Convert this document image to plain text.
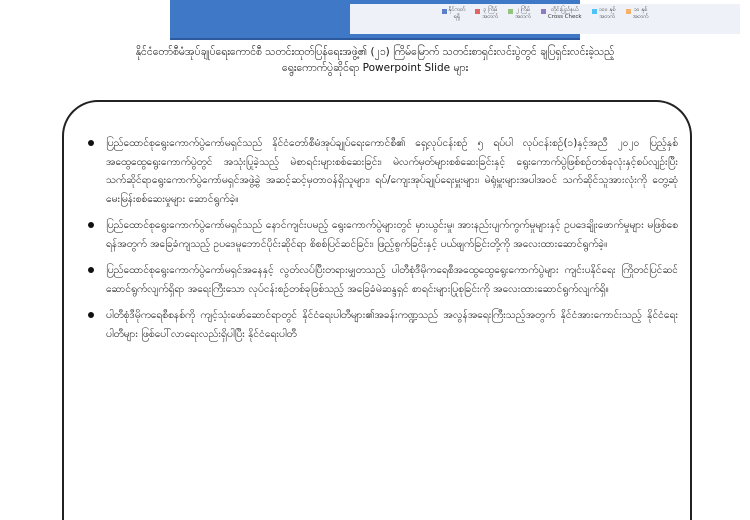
နိုင်ကတ်
ရရှိ
၃ ကြိမ်
အတက်
၂ ကြိမ်
အတက်
တိုင်းပြည်နယ်
Cross Check
၁၀၀ နှစ်
အတက်
၁၀ နှစ်
အတက်
နိုင်ငံတော်စီမံအုပ်ချုပ်ရေးကောင်စီ သတင်းထုတ်ပြန်ရေးအဖွဲ့၏ (၂၁) ကြိမ်မြောက် သတင်းစာရှင်းလင်းပွဲတွင် ချပြရှင်းလင်းခဲ့သည့်
ရွေးကောက်ပွဲဆိုင်ရာ Powerpoint Slide များ
ပြည်ထောင်စုရွေးကောက်ပွဲကော်မရှင်သည် နိုင်ငံတော်စီမံအုပ်ချုပ်ရေးကောင်စီ၏ ရှေ့လုပ်ငန်းစဉ် ၅ ရပ်ပါ လုပ်ငန်းစဉ်(၁)နှင့်အညီ ၂၀၂၀ ပြည့်နှစ် အထွေထွေရွေးကောက်ပွဲတွင် အသုံးပြုခဲ့သည့် မဲစာရင်းများစစ်ဆေးခြင်း၊ မဲလက်မှတ်များစစ်ဆေးခြင်းနှင့် ရွေးကောက်ပွဲဖြစ်စဉ်တစ်ခုလုံးနှင့်စပ်လျဉ်းပြီး သက်ဆိုင်ရာရွေးကောက်ပွဲကော်မရှင်အဖွဲ့ခွဲ အဆင့်ဆင့်မှတာဝန်ရှိသူများ၊ ရပ်/ကျေးအုပ်ချုပ်ရေးမှူးများ၊ မဲရုံမှူးများအပါအဝင် သက်ဆိုင်သူအားလုံးကို တွေ့ဆုံမေးမြန်းစစ်ဆေးမှုများ ဆောင်ရွက်ခဲ့။
ပြည်ထောင်စုရွေးကောက်ပွဲကော်မရှင်သည် နောင်ကျင်းပမည့် ရွေးကောက်ပွဲများတွင် မှားယွင်းမှု၊ အားနည်းပျက်ကွက်မှုများနှင့် ဥပဒေချိုးဖောက်မှုများ မဖြစ်စေရန်အတွက် အခြေခံကျသည့် ဥပဒေမူဘောင်ပိုင်းဆိုင်ရာ စိစစ်ပြင်ဆင်ခြင်း၊ ဖြည့်စွက်ခြင်းနှင့် ပယ်ဖျက်ခြင်းတို့ကို အလေးထားဆောင်ရွက်ခဲ့။
ပြည်ထောင်စုရွေးကောက်ပွဲကော်မရှင်အနေနှင့် လွတ်လပ်ပြီးတရားမျှတသည့် ပါတီစုံဒီမိုကရေစီအထွေထွေရွေးကောက်ပွဲများ ကျင်းပနိုင်ရေး ကြိုတင်ပြင်ဆင်ဆောင်ရွက်လျက်ရှိရာ အရေးကြီးသော လုပ်ငန်းစဉ်တစ်ခုဖြစ်သည့် အခြေခံမဲဆန္ဒရှင် စာရင်းများပြုစုခြင်းကို အလေးထားဆောင်ရွက်လျက်ရှိ။
ပါတီစုံဒီမိုကရေစီစနစ်ကို ကျင့်သုံးဖော်ဆောင်ရာတွင် နိုင်ငံရေးပါတီများ၏အခန်းကဏ္ဍသည် အလွန်အရေးကြီးသည့်အတွက် နိုင်ငံအားကောင်းသည့် နိုင်ငံရေးပါတီများ ဖြစ်ပေါ်လာရေးလည်းရှိပါပြီး နိုင်ငံရေးပါတီ
